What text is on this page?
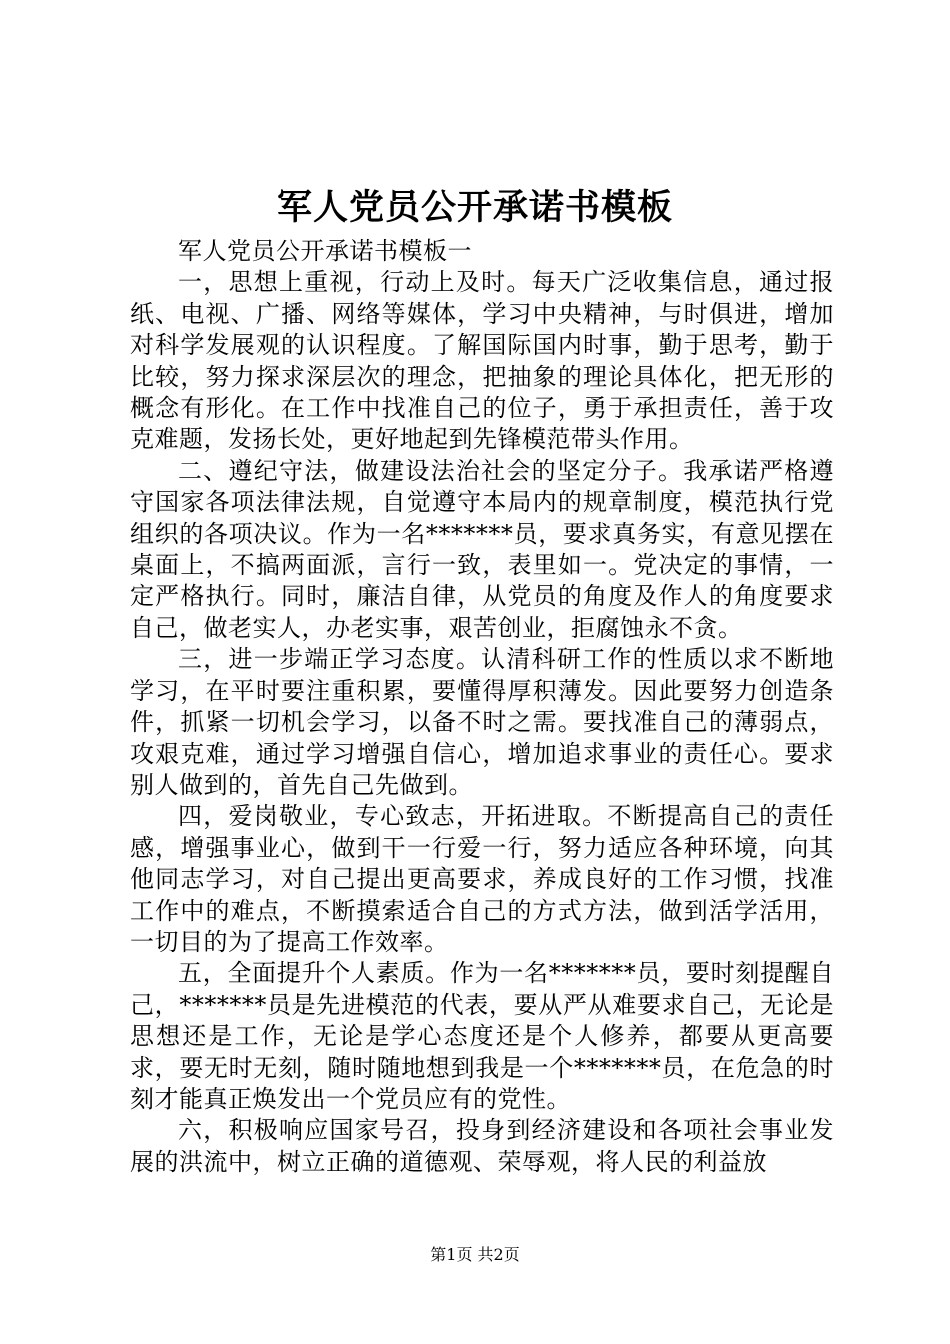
军人党员公开承诺书模板

军人党员公开承诺书模板一

一，思想上重视，行动上及时。每天广泛收集信息，通过报纸、电视、广播、网络等媒体，学习中央精神，与时俱进，增加对科学发展观的认识程度。了解国际国内时事，勤于思考，勤于比较，努力探求深层次的理念，把抽象的理论具体化，把无形的概念有形化。在工作中找准自己的位子，勇于承担责任，善于攻克难题，发扬长处，更好地起到先锋模范带头作用。

二、遵纪守法，做建设法治社会的坚定分子。我承诺严格遵守国家各项法律法规，自觉遵守本局内的规章制度，模范执行党组织的各项决议。作为一名*******员，要求真务实，有意见摆在桌面上，不搞两面派，言行一致，表里如一。党决定的事情，一定严格执行。同时，廉洁自律，从党员的角度及作人的角度要求自己，做老实人，办老实事，艰苦创业，拒腐蚀永不贪。

三，进一步端正学习态度。认清科研工作的性质以求不断地学习，在平时要注重积累，要懂得厚积薄发。因此要努力创造条件，抓紧一切机会学习，以备不时之需。要找准自己的薄弱点，攻艰克难，通过学习增强自信心，增加追求事业的责任心。要求别人做到的，首先自己先做到。

四，爱岗敬业，专心致志，开拓进取。不断提高自己的责任感，增强事业心，做到干一行爱一行，努力适应各种环境，向其他同志学习，对自己提出更高要求，养成良好的工作习惯，找准工作中的难点，不断摸索适合自己的方式方法，做到活学活用，一切目的为了提高工作效率。

五，全面提升个人素质。作为一名*******员，要时刻提醒自己，*******员是先进模范的代表，要从严从难要求自己，无论是思想还是工作，无论是学心态度还是个人修养，都要从更高要求，要无时无刻，随时随地想到我是一个*******员，在危急的时刻才能真正焕发出一个党员应有的党性。

六，积极响应国家号召，投身到经济建设和各项社会事业发展的洪流中，树立正确的道德观、荣辱观，将人民的利益放

第1页 共2页
